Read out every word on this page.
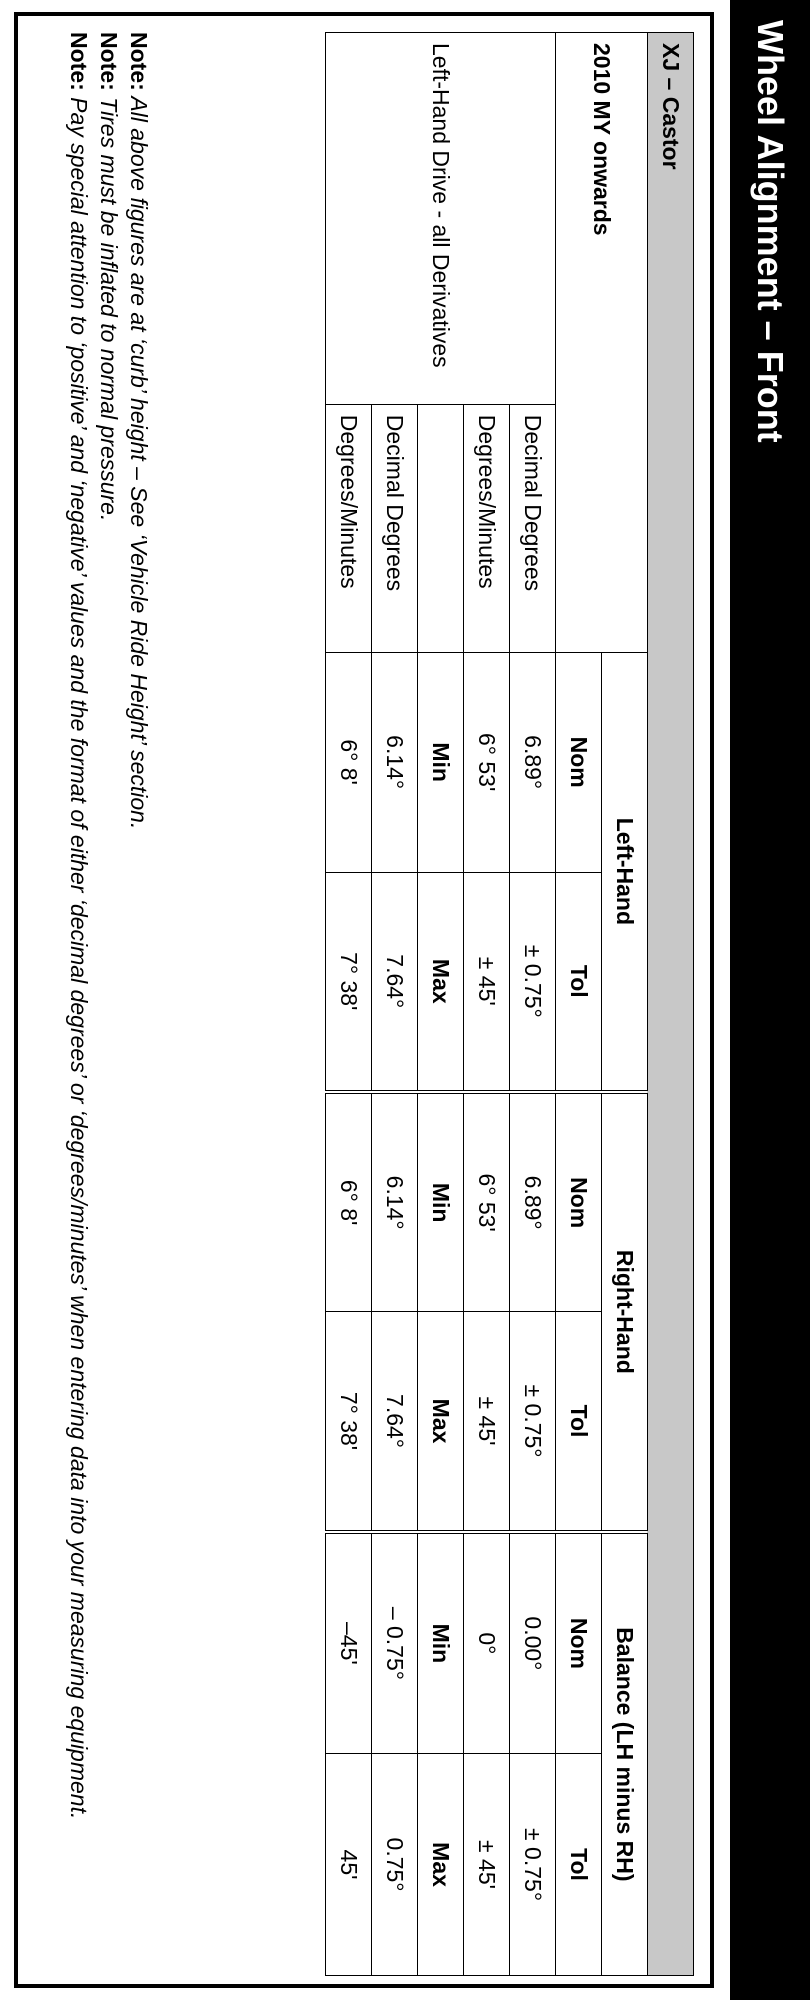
Wheel Alignment – Front
XJ – Castor							
2010 MY onwards		Left-Hand		Right-Hand		Balance (LH minus RH)	
		Nom	Tol	Nom	Tol	Nom	Tol
Left-Hand Drive - all Derivatives	Decimal Degrees	6.89°	± 0.75°	6.89°	± 0.75°	0.00°	± 0.75°
	Degrees/Minutes	6° 53'	± 45'	6° 53'	± 45'	0°	± 45'
		Min	Max	Min	Max	Min	Max
	Decimal Degrees	6.14°	7.64°	6.14°	7.64°	– 0.75°	0.75°
	Degrees/Minutes	6° 8'	7° 38'	6° 8'	7° 38'	–45'	45'

Note: All above figures are at ‘curb’ height – See ‘Vehicle Ride Height’ section.

Note: Tires must be inflated to normal pressure.

Note: Pay special attention to ‘positive’ and ‘negative’ values and the format of either ‘decimal degrees’ or ‘degrees/minutes’ when entering data into your measuring equipment.
